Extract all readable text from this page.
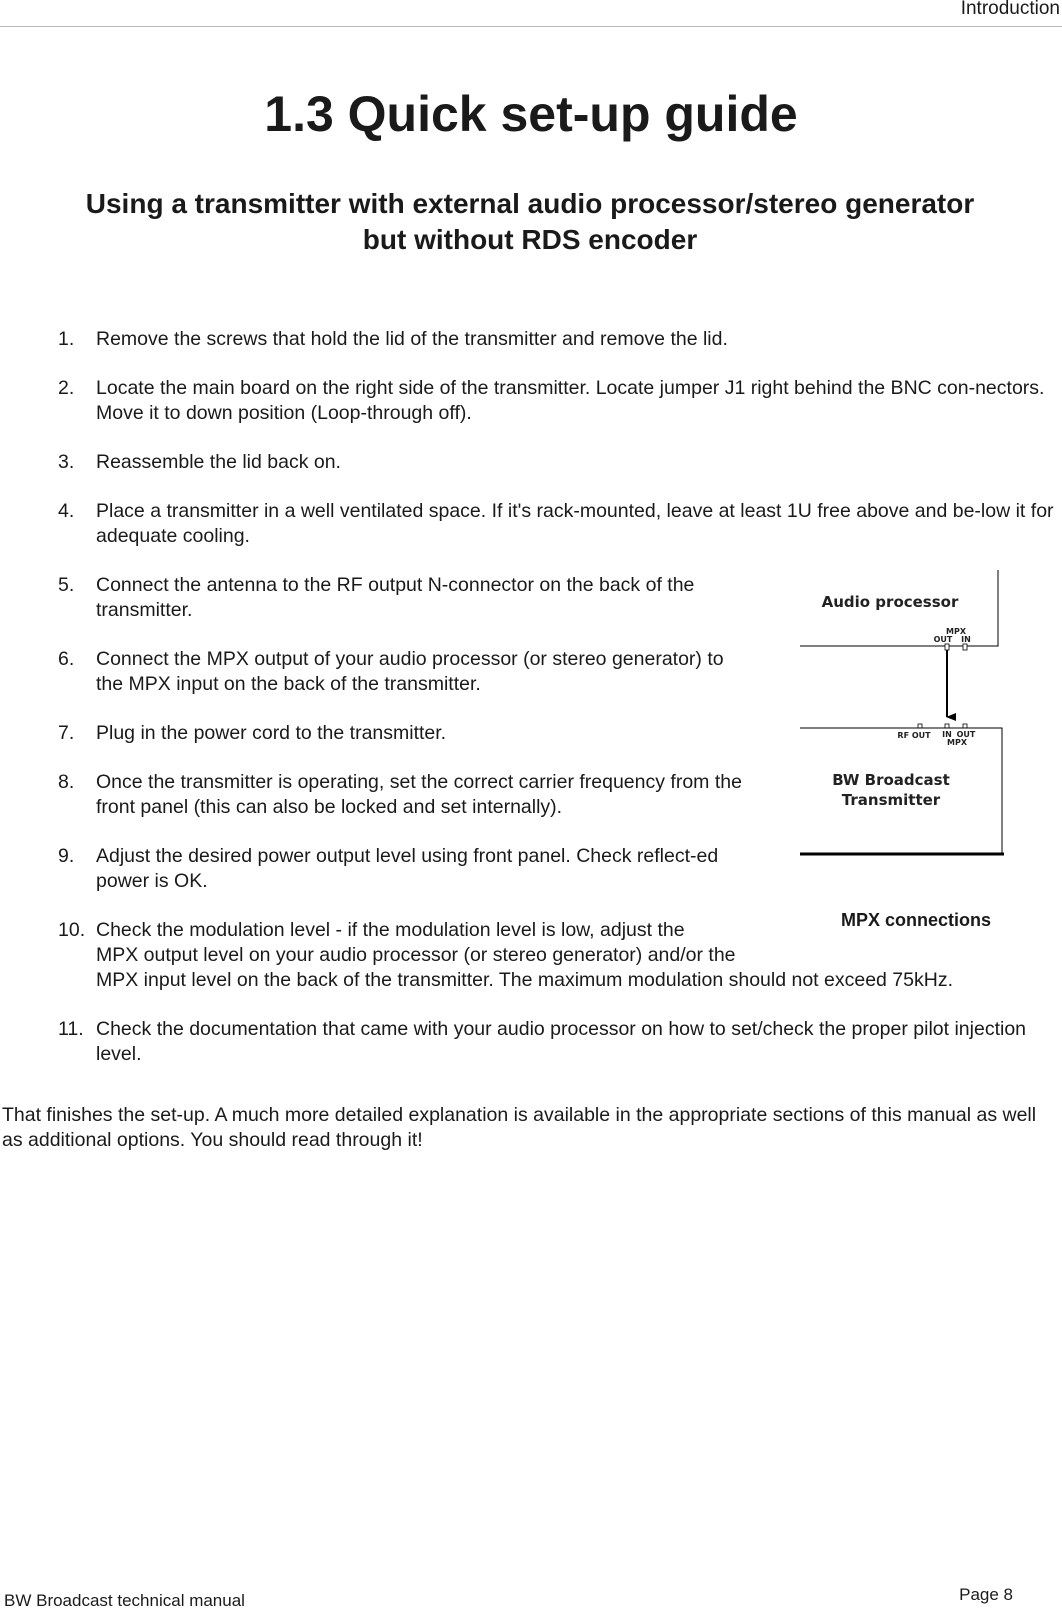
Introduction
1.3 Quick set-up guide
Using a transmitter with external audio processor/stereo generator
but without RDS encoder
1. Remove the screws that hold the lid of the transmitter and remove the lid.
2. Locate the main board on the right side of the transmitter. Locate jumper J1 right behind the BNC con-nectors. Move it to down position (Loop-through off).
3. Reassemble the lid back on.
4. Place a transmitter in a well ventilated space. If it's rack-mounted, leave at least 1U free above and be-low it for adequate cooling.
5. Connect the antenna to the RF output N-connector on the back of the transmitter.
6. Connect the MPX output of your audio processor (or stereo generator) to the MPX input on the back of the transmitter.
7. Plug in the power cord to the transmitter.
8. Once the transmitter is operating, set the correct carrier frequency from the front panel (this can also be locked and set internally).
9. Adjust the desired power output level using front panel. Check reflect-ed power is OK.
10. Check the modulation level - if the modulation level is low, adjust the
MPX output level on your audio processor (or stereo generator) and/or the
MPX input level on the back of the transmitter. The maximum modulation should not exceed 75kHz.
11. Check the documentation that came with your audio processor on how to set/check the proper pilot injection level.

That finishes the set-up. A much more detailed explanation is available in the appropriate sections of this manual as well as additional options. You should read through it!

Audio processor
MPX
OUT IN
RF OUT IN OUT
MPX
BW Broadcast
Transmitter
MPX connections
BW Broadcast technical manual	Page 8
